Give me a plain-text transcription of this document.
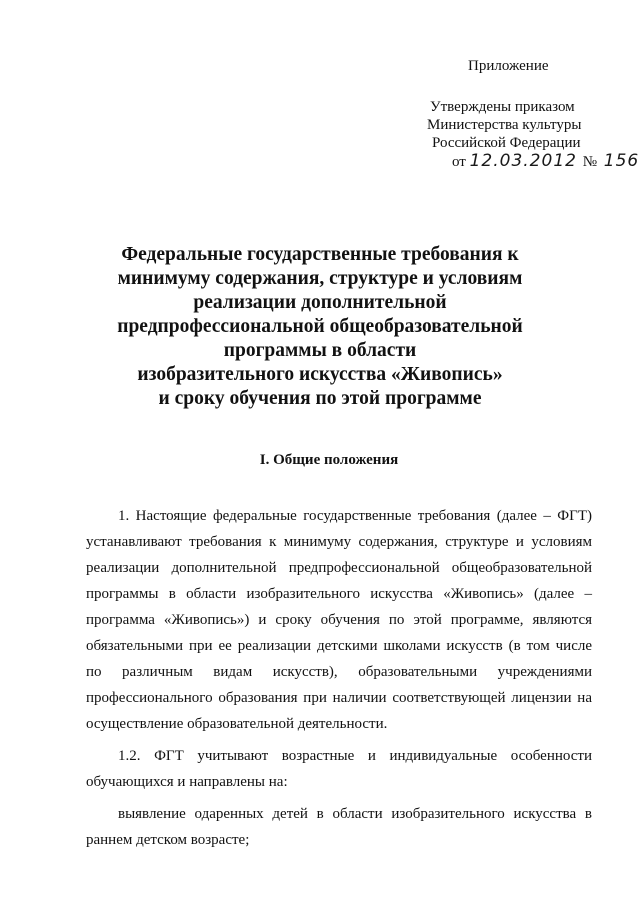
Приложение
Утверждены приказом
Министерства культуры
Российской Федерации
от 12.03.2012 № 156
Федеральные государственные требования к
минимуму содержания, структуре и условиям
реализации дополнительной
предпрофессиональной общеобразовательной
программы в области
изобразительного искусства «Живопись»
и сроку обучения по этой программе
I. Общие положения
1. Настоящие федеральные государственные требования (далее – ФГТ)
устанавливают требования к минимуму содержания, структуре и условиям
реализации дополнительной предпрофессиональной общеобразовательной
программы в области изобразительного искусства «Живопись» (далее –
программа «Живопись») и сроку обучения по этой программе, являются
обязательными при ее реализации детскими школами искусств (в том числе
по различным видам искусств), образовательными учреждениями
профессионального образования при наличии соответствующей лицензии на
осуществление образовательной деятельности.
1.2. ФГТ учитывают возрастные и индивидуальные особенности
обучающихся и направлены на:
выявление одаренных детей в области изобразительного искусства в
раннем детском возрасте;
